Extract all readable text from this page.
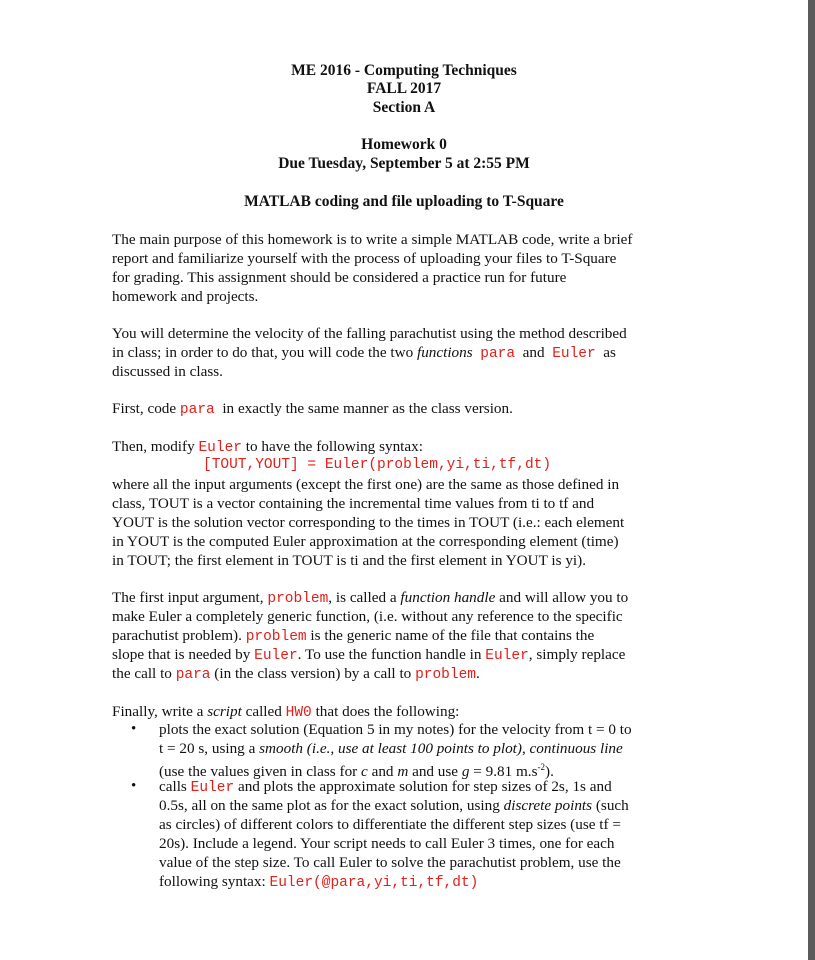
ME 2016 - Computing Techniques
FALL 2017
Section A
Homework 0
Due Tuesday, September 5 at 2:55 PM
MATLAB coding and file uploading to T-Square
The main purpose of this homework is to write a simple MATLAB code, write a brief
report and familiarize yourself with the process of uploading your files to T-Square
for grading. This assignment should be considered a practice run for future
homework and projects.
You will determine the velocity of the falling parachutist using the method described
in class; in order to do that, you will code the two functions para and Euler as
discussed in class.
First, code para  in exactly the same manner as the class version.
Then, modify Euler to have the following syntax:
[TOUT,YOUT] = Euler(problem,yi,ti,tf,dt)
where all the input arguments (except the first one) are the same as those defined in
class, TOUT is a vector containing the incremental time values from ti to tf and
YOUT is the solution vector corresponding to the times in TOUT (i.e.: each element
in YOUT is the computed Euler approximation at the corresponding element (time)
in TOUT; the first element in TOUT is ti and the first element in YOUT is yi).
The first input argument, problem, is called a function handle and will allow you to
make Euler a completely generic function, (i.e. without any reference to the specific
parachutist problem). problem is the generic name of the file that contains the
slope that is needed by Euler. To use the function handle in Euler, simply replace
the call to para (in the class version) by a call to problem.
Finally, write a script called HW0 that does the following:
• plots the exact solution (Equation 5 in my notes) for the velocity from t = 0 to
t = 20 s, using a smooth (i.e., use at least 100 points to plot), continuous line
(use the values given in class for c and m and use g = 9.81 $m.s^{-2}$).
• calls Euler and plots the approximate solution for step sizes of 2s, 1s and
0.5s, all on the same plot as for the exact solution, using discrete points (such
as circles) of different colors to differentiate the different step sizes (use tf =
20s). Include a legend. Your script needs to call Euler 3 times, one for each
value of the step size. To call Euler to solve the parachutist problem, use the
following syntax: Euler(@para,yi,ti,tf,dt)
